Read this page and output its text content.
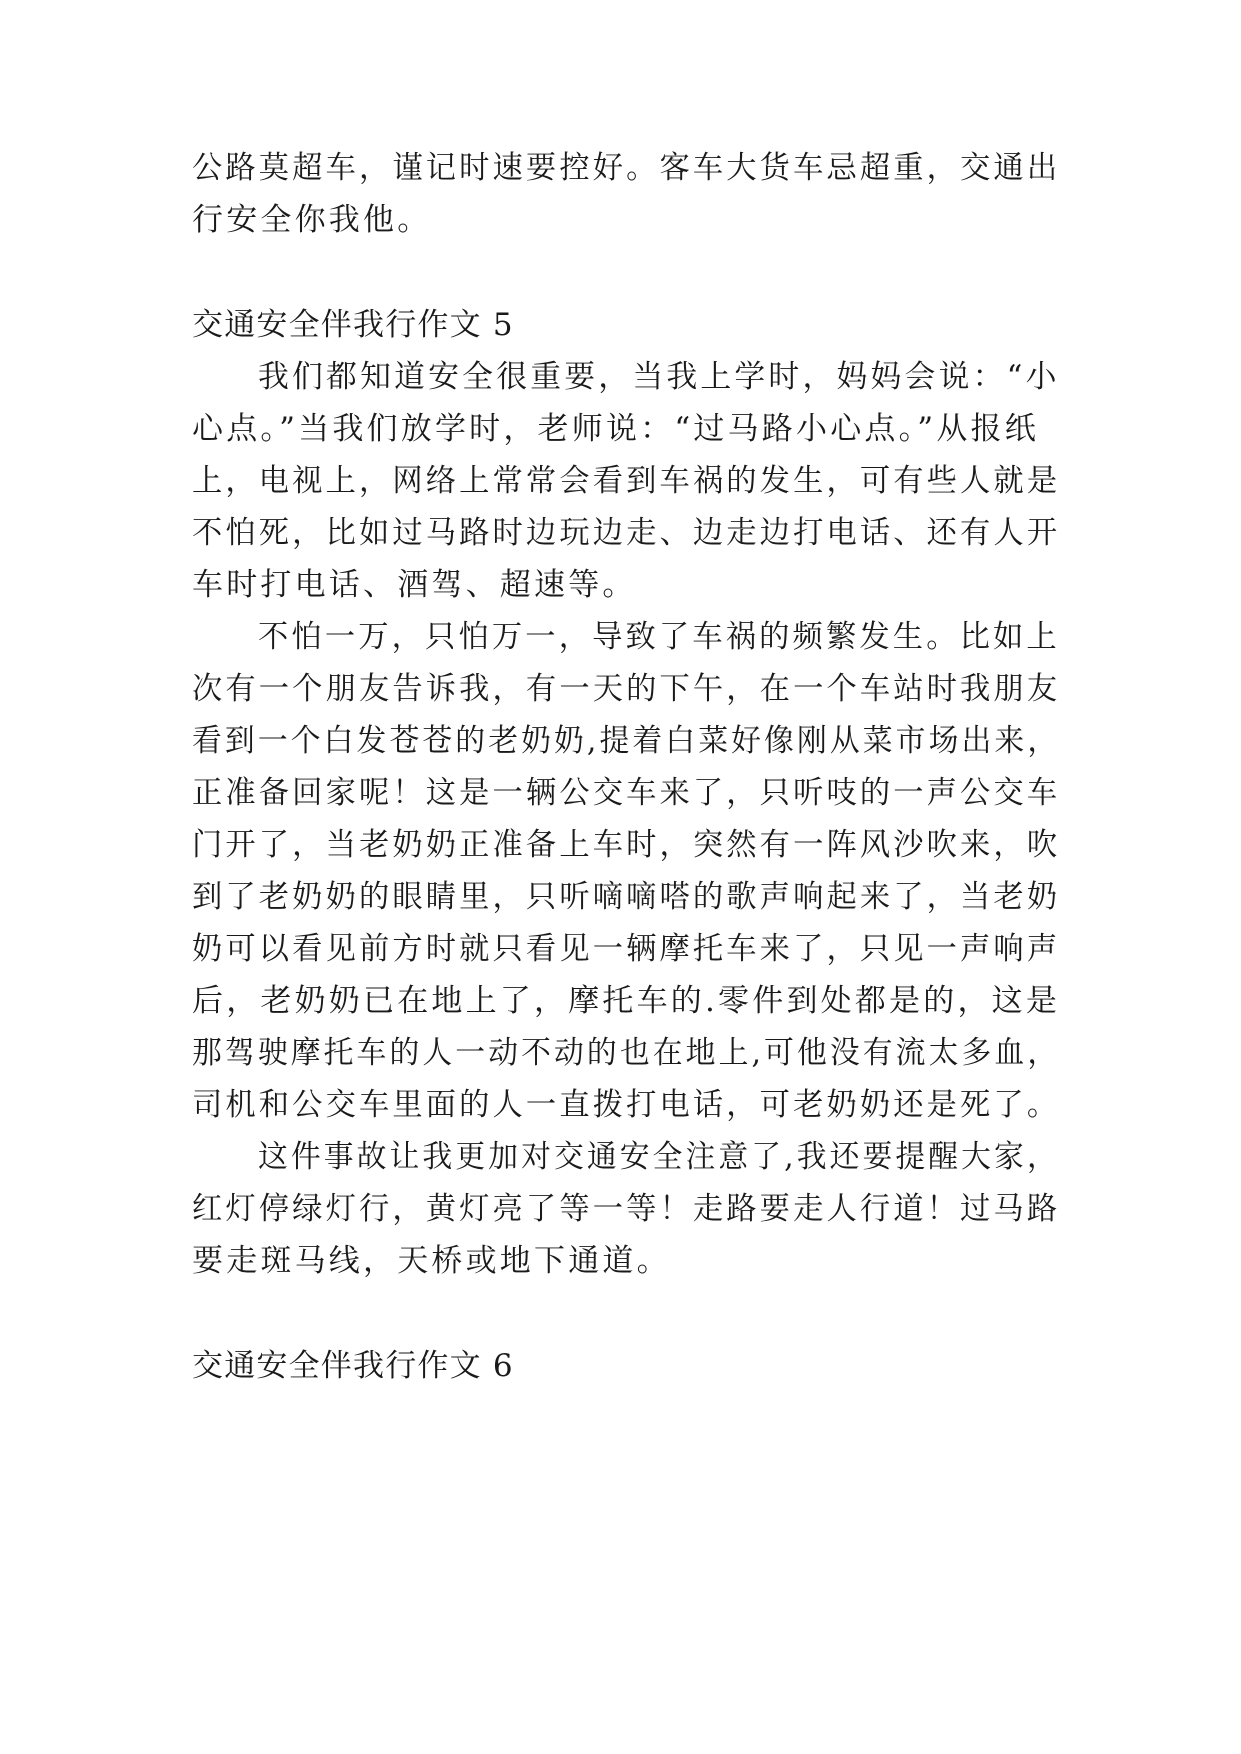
公路莫超车，谨记时速要控好。客车大货车忌超重，交通出
行安全你我他。
交通安全伴我行作文 5
我们都知道安全很重要，当我上学时，妈妈会说：“小
心点。”当我们放学时，老师说：“过马路小心点。”从报纸
上，电视上，网络上常常会看到车祸的发生，可有些人就是
不怕死，比如过马路时边玩边走、边走边打电话、还有人开
车时打电话、酒驾、超速等。
不怕一万，只怕万一，导致了车祸的频繁发生。比如上
次有一个朋友告诉我，有一天的下午，在一个车站时我朋友
看到一个白发苍苍的老奶奶,提着白菜好像刚从菜市场出来，
正准备回家呢！这是一辆公交车来了，只听吱的一声公交车
门开了，当老奶奶正准备上车时，突然有一阵风沙吹来，吹
到了老奶奶的眼睛里，只听嘀嘀嗒的歌声响起来了，当老奶
奶可以看见前方时就只看见一辆摩托车来了，只见一声响声
后，老奶奶已在地上了，摩托车的.零件到处都是的，这是
那驾驶摩托车的人一动不动的也在地上,可他没有流太多血，
司机和公交车里面的人一直拨打电话，可老奶奶还是死了。
这件事故让我更加对交通安全注意了,我还要提醒大家，
红灯停绿灯行，黄灯亮了等一等！走路要走人行道！过马路
要走斑马线，天桥或地下通道。
交通安全伴我行作文 6
